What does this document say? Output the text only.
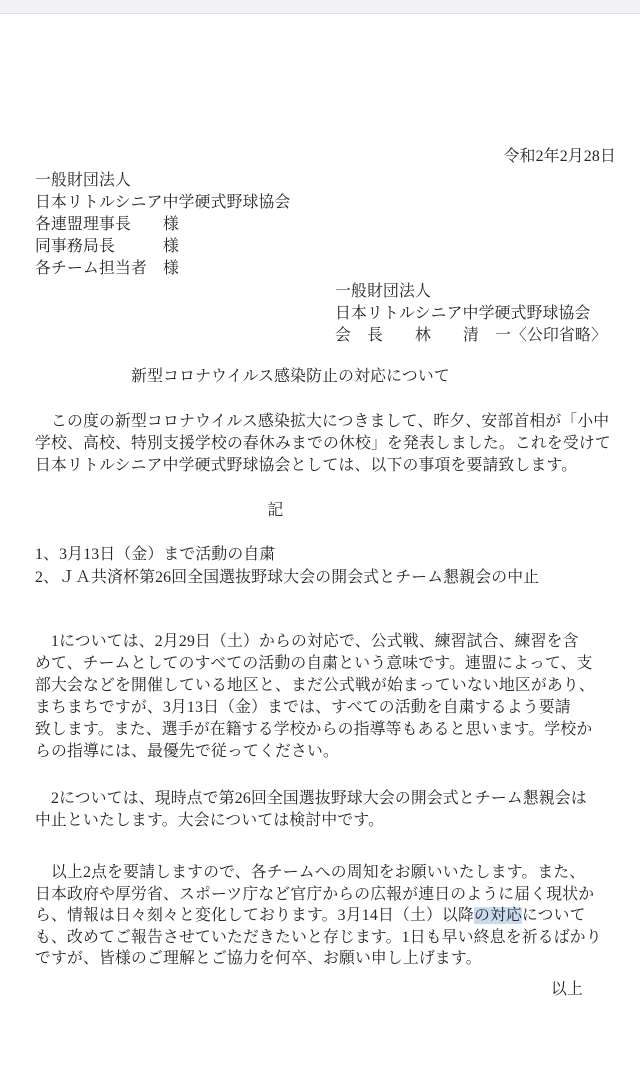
令和2年2月28日
一般財団法人
日本リトルシニア中学硬式野球協会
各連盟理事長　　様
同事務局長　　　様
各チーム担当者　様
一般財団法人
日本リトルシニア中学硬式野球協会
会　長　　林　　清　一〈公印省略〉
新型コロナウイルス感染防止の対応について
　この度の新型コロナウイルス感染拡大につきまして、昨夕、安部首相が「小中
学校、高校、特別支援学校の春休みまでの休校」を発表しました。これを受けて
日本リトルシニア中学硬式野球協会としては、以下の事項を要請致します。
記
1、3月13日（金）まで活動の自粛
2、ＪＡ共済杯第26回全国選抜野球大会の開会式とチーム懇親会の中止
　1については、2月29日（土）からの対応で、公式戦、練習試合、練習を含
めて、チームとしてのすべての活動の自粛という意味です。連盟によって、支
部大会などを開催している地区と、まだ公式戦が始まっていない地区があり、
まちまちですが、3月13日（金）までは、すべての活動を自粛するよう要請
致します。また、選手が在籍する学校からの指導等もあると思います。学校か
らの指導には、最優先で従ってください。
　2については、現時点で第26回全国選抜野球大会の開会式とチーム懇親会は
中止といたします。大会については検討中です。
　以上2点を要請しますので、各チームへの周知をお願いいたします。また、
日本政府や厚労省、スポーツ庁など官庁からの広報が連日のように届く現状か
ら、情報は日々刻々と変化しております。3月14日（土）以降の対応について
も、改めてご報告させていただきたいと存じます。1日も早い終息を祈るばかり
ですが、皆様のご理解とご協力を何卒、お願い申し上げます。
以上
